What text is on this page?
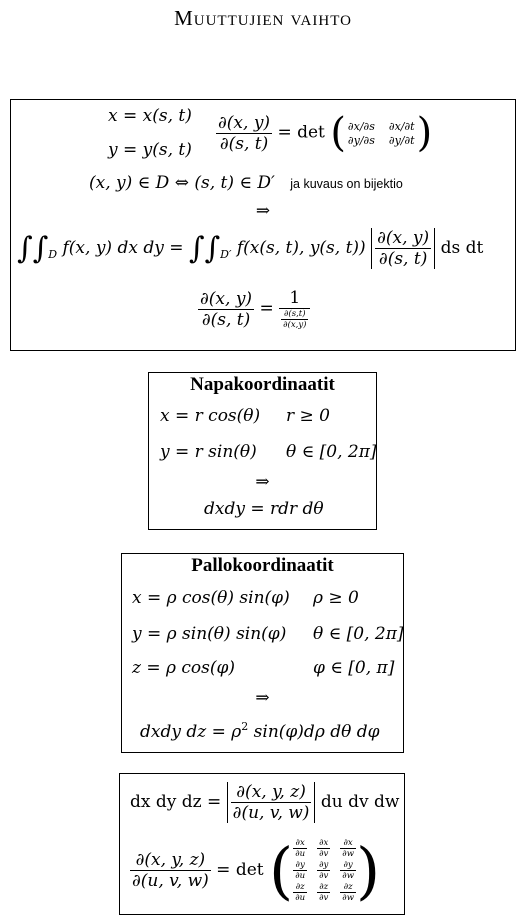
Muuttujien vaihto
x = x(s, t)
y = y(s, $t) \frac{\partial(x, y)}{\partial(s, t)} = \det$ ( ∂x/∂s ∂x/∂t
∂y/∂s ∂y/∂t )
(x, y) ∈ D ⇔ (s, t) ∈ D′ ja kuvaus on bijektio
⇒
$\int\int_D$ f(x, y) dx dy = $\int\int_{D'}$ f(x(s, t), y(s, $t)) \frac{\partial(x, y)}{\partial(s, t)}$ ds dt
$\frac{\partial(x, y)}{\partial(s, t)} = \frac{1}{\frac{\partial(s,t)}{\partial(x,y)}}$
Napakoordinaatit
x = r cos(θ) r ≥ 0
y = r sin(θ) θ ∈ [0, 2π]
⇒
dxdy = rdr dθ
Pallokoordinaatit
x = ρ cos(θ) sin(φ) ρ ≥ 0
y = ρ sin(θ) sin(φ) θ ∈ [0, 2π]
z = ρ cos(φ)	φ ∈ [0, π]
⇒
dxdy dz = $\rho^2$ sin(φ)dρ dθ dφ
dx dy dz = $\frac{\partial(x, y, z)}{\partial(u, v, w)}$ du dv dw
$\frac{\partial(x, y, z)}{\partial(u, v, w)} = \det$ ( $\frac{\partial x}{\partial u} \frac{\partial x}{\partial v} \frac{\partial x}{\partial w}$
$\frac{\partial y}{\partial u} \frac{\partial y}{\partial v} \frac{\partial y}{\partial w}$
$\frac{\partial z}{\partial u} \frac{\partial z}{\partial v} \frac{\partial z}{\partial w}$ )
